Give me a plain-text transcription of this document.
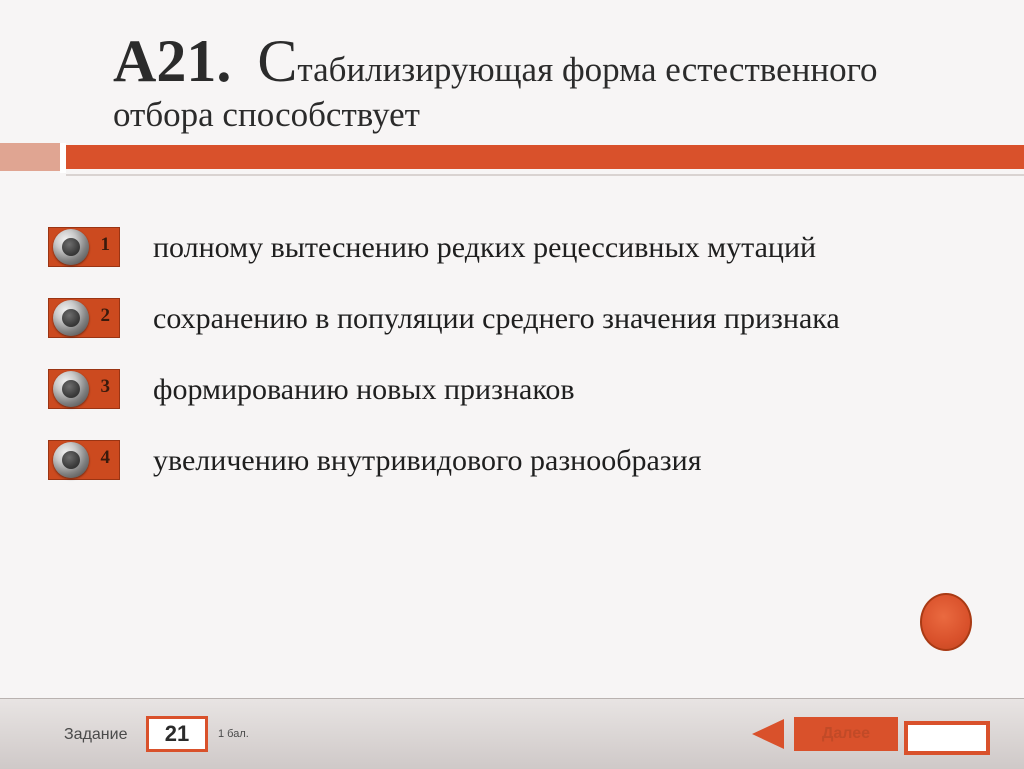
А21. Стабилизирующая форма естественного
отбора способствует
1 полному вытеснению редких рецессивных мутаций
2 сохранению в популяции среднего значения признака
3 формированию новых признаков
4 увеличению внутривидового разнообразия
Задание	21	1 бал.	Далее
